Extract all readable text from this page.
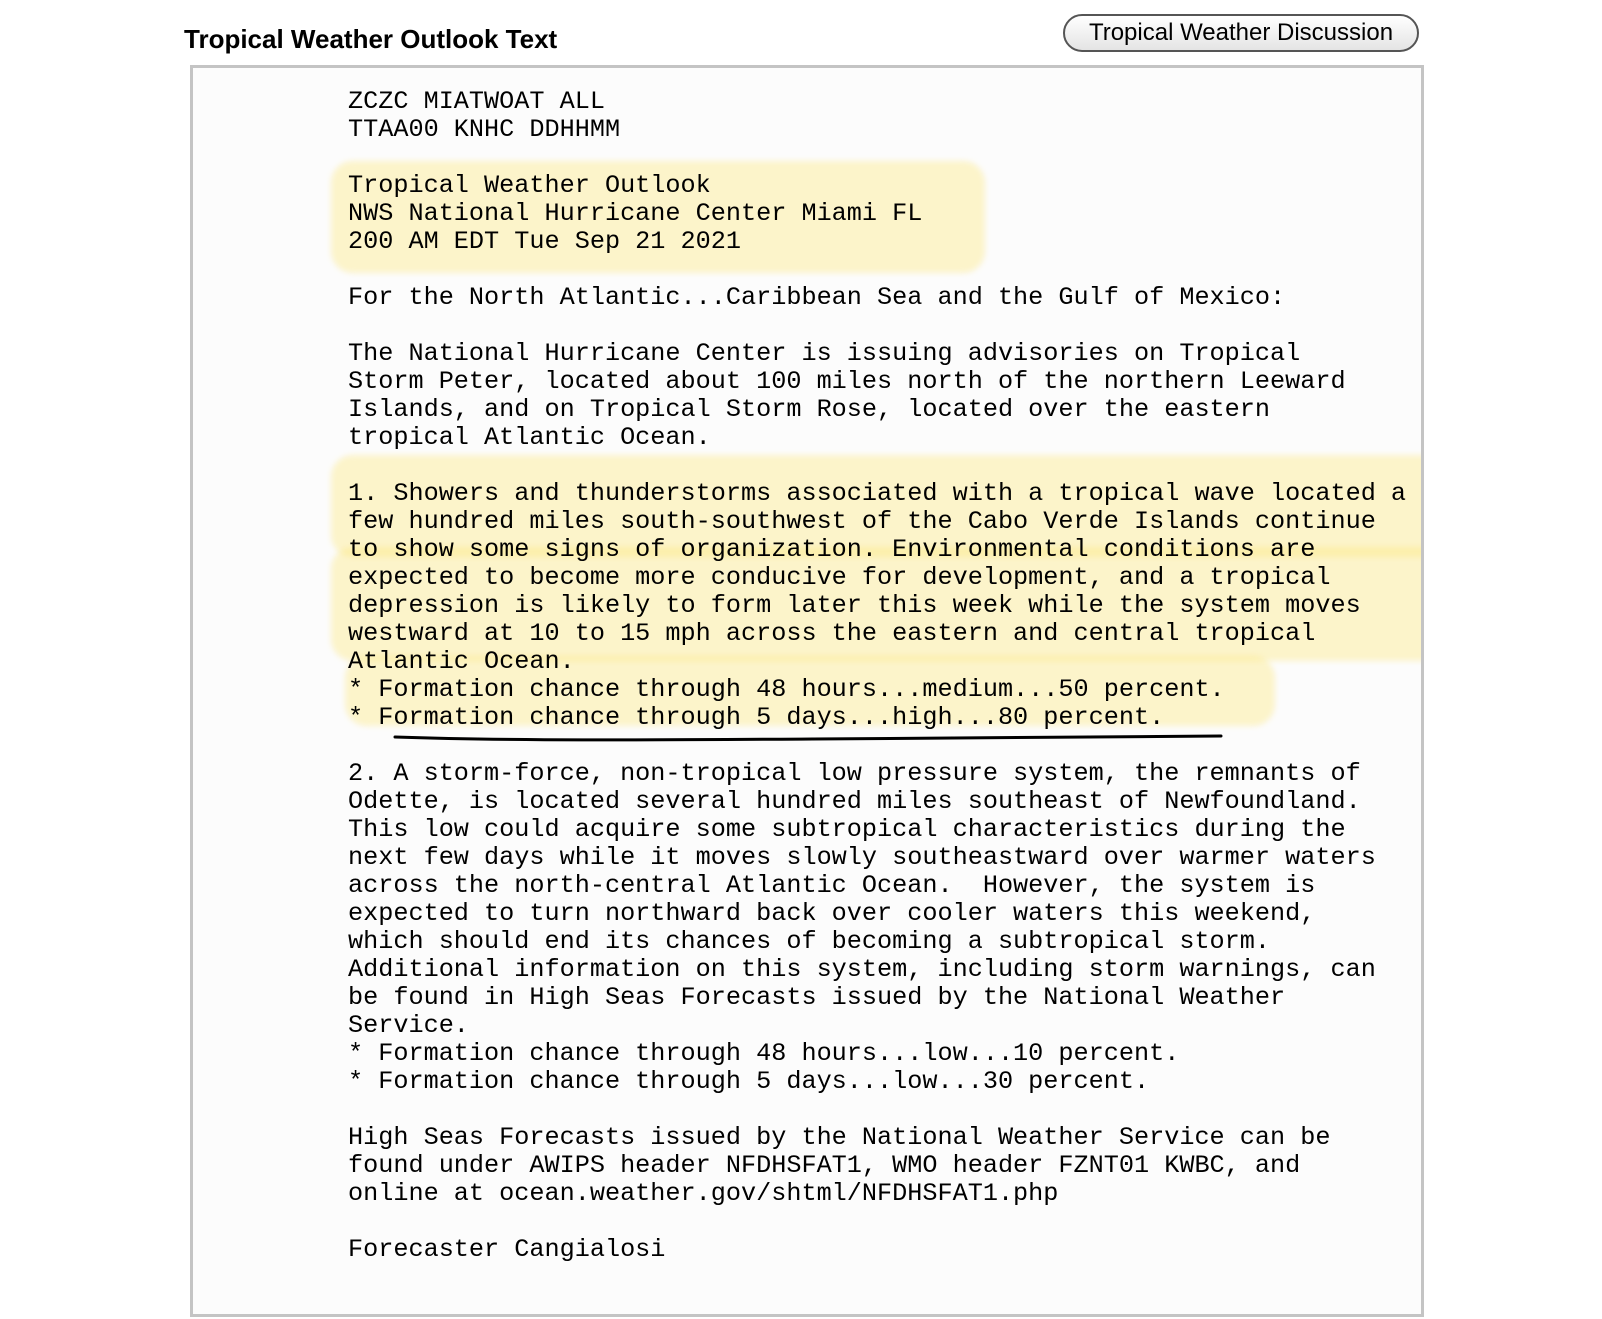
Tropical Weather Outlook Text	Tropical Weather Discussion
ZCZC MIATWOAT ALL
TTAA00 KNHC DDHHMM

Tropical Weather Outlook
NWS National Hurricane Center Miami FL
200 AM EDT Tue Sep 21 2021

For the North Atlantic...Caribbean Sea and the Gulf of Mexico:

The National Hurricane Center is issuing advisories on Tropical
Storm Peter, located about 100 miles north of the northern Leeward
Islands, and on Tropical Storm Rose, located over the eastern
tropical Atlantic Ocean.

1. Showers and thunderstorms associated with a tropical wave located a
few hundred miles south-southwest of the Cabo Verde Islands continue
to show some signs of organization. Environmental conditions are
expected to become more conducive for development, and a tropical
depression is likely to form later this week while the system moves
westward at 10 to 15 mph across the eastern and central tropical
Atlantic Ocean.
* Formation chance through 48 hours...medium...50 percent.
* Formation chance through 5 days...high...80 percent.

2. A storm-force, non-tropical low pressure system, the remnants of
Odette, is located several hundred miles southeast of Newfoundland.
This low could acquire some subtropical characteristics during the
next few days while it moves slowly southeastward over warmer waters
across the north-central Atlantic Ocean.  However, the system is
expected to turn northward back over cooler waters this weekend,
which should end its chances of becoming a subtropical storm.
Additional information on this system, including storm warnings, can
be found in High Seas Forecasts issued by the National Weather
Service.
* Formation chance through 48 hours...low...10 percent.
* Formation chance through 5 days...low...30 percent.

High Seas Forecasts issued by the National Weather Service can be
found under AWIPS header NFDHSFAT1, WMO header FZNT01 KWBC, and
online at ocean.weather.gov/shtml/NFDHSFAT1.php

Forecaster Cangialosi
